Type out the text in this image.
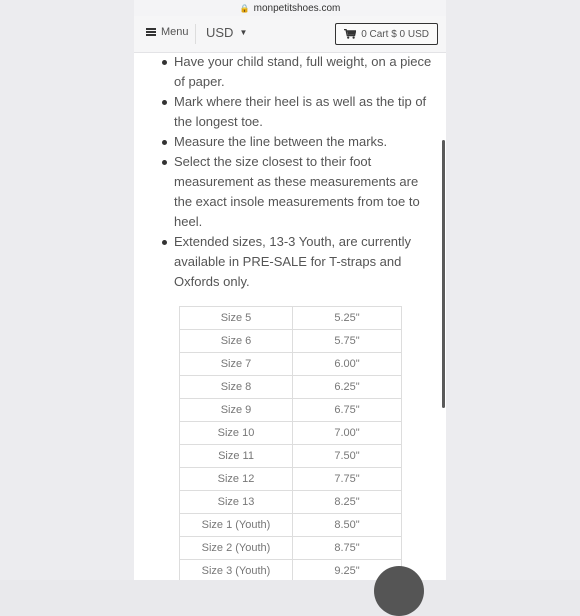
🔒 monpetitshoes.com
Menu USD ▼	0 Cart $ 0 USD
Have your child stand, full weight, on a piece of paper.
Mark where their heel is as well as the tip of the longest toe.
Measure the line between the marks.
Select the size closest to their foot measurement as these measurements are the exact insole measurements from toe to heel.
Extended sizes, 13-3 Youth, are currently available in PRE-SALE for T-straps and Oxfords only.
Size 5	5.25"
Size 6	5.75"
Size 7	6.00"
Size 8	6.25"
Size 9	6.75"
Size 10	7.00"
Size 11	7.50"
Size 12	7.75"
Size 13	8.25"
Size 1 (Youth)	8.50"
Size 2 (Youth)	8.75"
Size 3 (Youth)	9.25"
